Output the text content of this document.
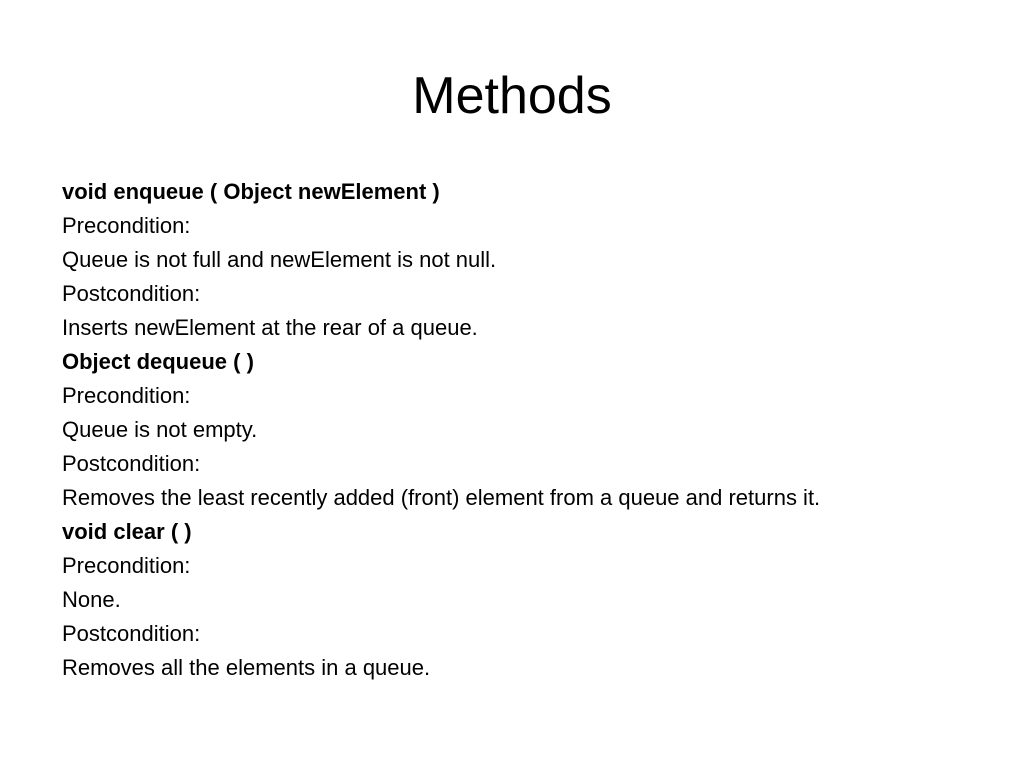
Methods
void enqueue ( Object newElement )
Precondition:
Queue is not full and newElement is not null.
Postcondition:
Inserts newElement at the rear of a queue.
Object dequeue ( )
Precondition:
Queue is not empty.
Postcondition:
Removes the least recently added (front) element from a queue and returns it.
void clear ( )
Precondition:
None.
Postcondition:
Removes all the elements in a queue.
